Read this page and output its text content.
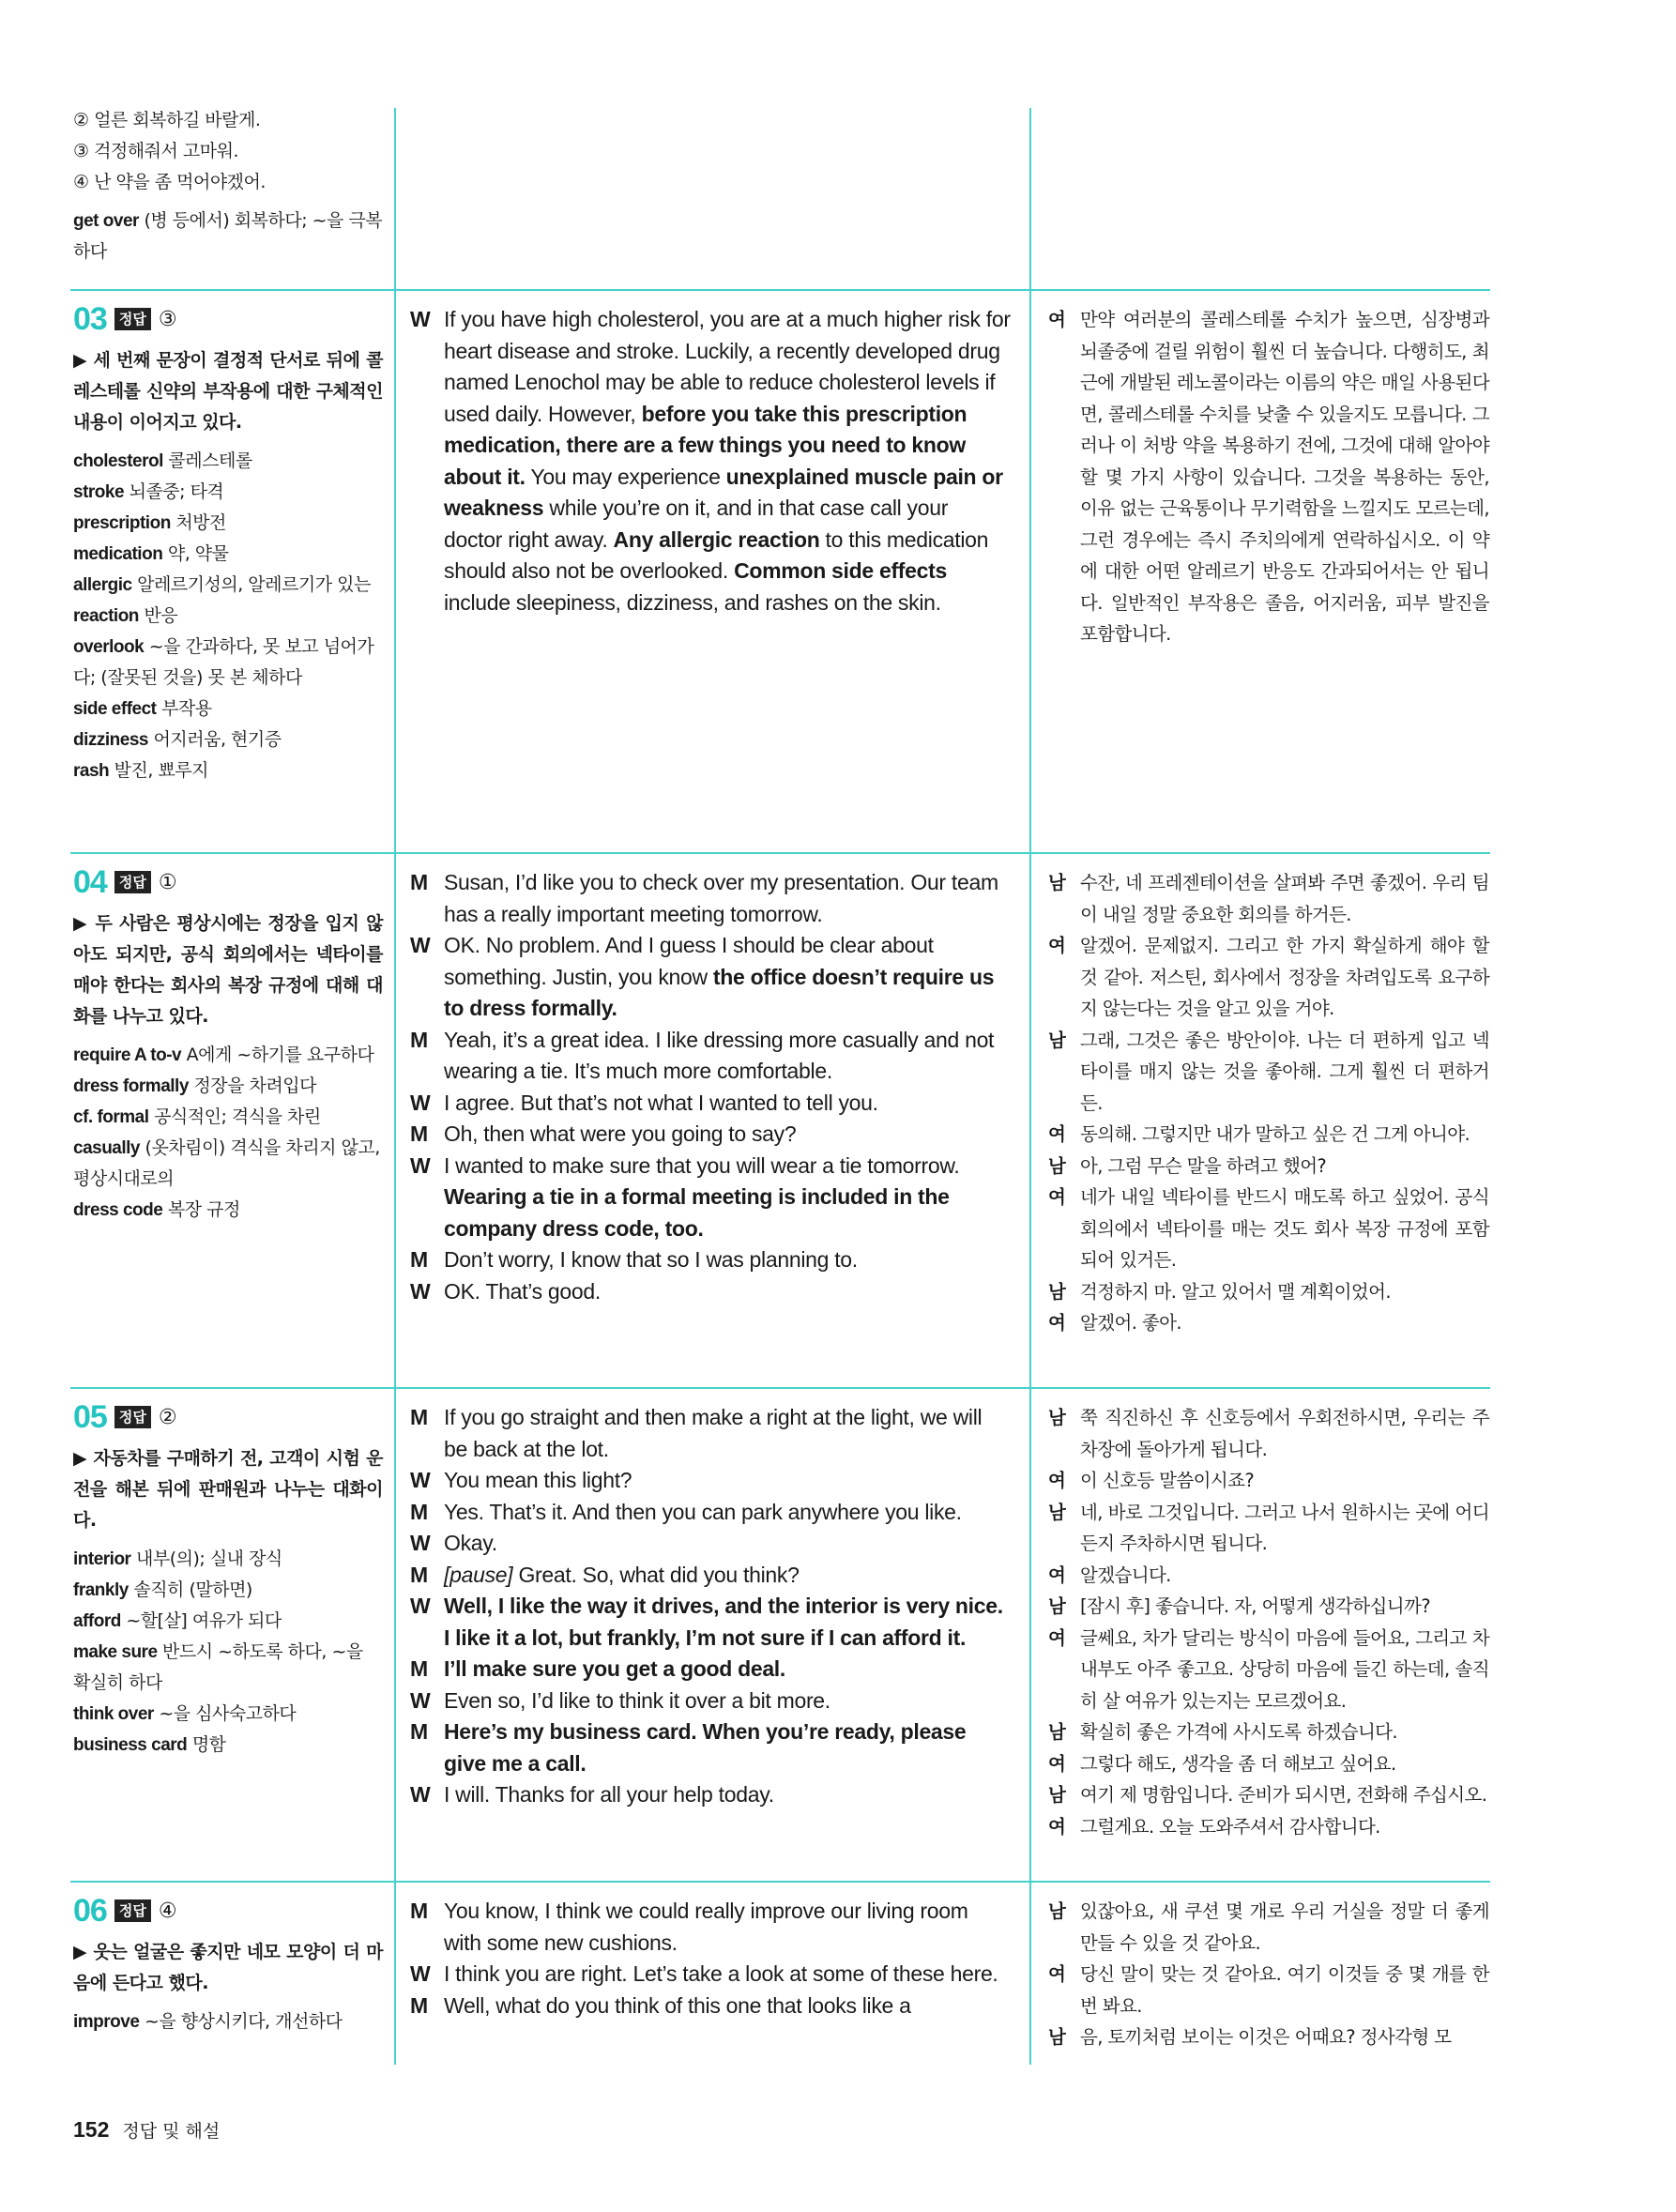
② 얼른 회복하길 바랄게.
③ 걱정해줘서 고마워.
④ 난 약을 좀 먹어야겠어.
get over (병 등에서) 회복하다; ~을 극복하다
03 정답 ③
▶ 세 번째 문장이 결정적 단서로 뒤에 콜레스테롤 신약의 부작용에 대한 구체적인 내용이 이어지고 있다.
cholesterol 콜레스테롤
stroke 뇌졸중; 타격
prescription 처방전
medication 약, 약물
allergic 알레르기성의, 알레르기가 있는
reaction 반응
overlook ~을 간과하다, 못 보고 넘어가다; (잘못된 것을) 못 본 체하다
side effect 부작용
dizziness 어지러움, 현기증
rash 발진, 뾰루지
W If you have high cholesterol, you are at a much higher risk for heart disease and stroke. Luckily, a recently developed drug named Lenochol may be able to reduce cholesterol levels if used daily. However, before you take this prescription medication, there are a few things you need to know about it. You may experience unexplained muscle pain or weakness while you’re on it, and in that case call your doctor right away. Any allergic reaction to this medication should also not be overlooked. Common side effects include sleepiness, dizziness, and rashes on the skin.
여 만약 여러분의 콜레스테롤 수치가 높으면, 심장병과 뇌졸중에 걸릴 위험이 훨씬 더 높습니다. 다행히도, 최근에 개발된 레노콜이라는 이름의 약은 매일 사용된다면, 콜레스테롤 수치를 낮출 수 있을지도 모릅니다. 그러나 이 처방 약을 복용하기 전에, 그것에 대해 알아야 할 몇 가지 사항이 있습니다. 그것을 복용하는 동안, 이유 없는 근육통이나 무기력함을 느낄지도 모르는데, 그런 경우에는 즉시 주치의에게 연락하십시오. 이 약에 대한 어떤 알레르기 반응도 간과되어서는 안 됩니다. 일반적인 부작용은 졸음, 어지러움, 피부 발진을 포함합니다.
04 정답 ①
▶ 두 사람은 평상시에는 정장을 입지 않아도 되지만, 공식 회의에서는 넥타이를 매야 한다는 회사의 복장 규정에 대해 대화를 나누고 있다.
require A to-v A에게 ~하기를 요구하다
dress formally 정장을 차려입다
cf. formal 공식적인; 격식을 차린
casually (옷차림이) 격식을 차리지 않고, 평상시대로의
dress code 복장 규정
M Susan, I’d like you to check over my presentation. Our team has a really important meeting tomorrow.
W OK. No problem. And I guess I should be clear about something. Justin, you know the office doesn’t require us to dress formally.
M Yeah, it’s a great idea. I like dressing more casually and not wearing a tie. It’s much more comfortable.
W I agree. But that’s not what I wanted to tell you.
M Oh, then what were you going to say?
W I wanted to make sure that you will wear a tie tomorrow. Wearing a tie in a formal meeting is included in the company dress code, too.
M Don’t worry, I know that so I was planning to.
W OK. That’s good.
남 수잔, 네 프레젠테이션을 살펴봐 주면 좋겠어. 우리 팀이 내일 정말 중요한 회의를 하거든.
여 알겠어. 문제없지. 그리고 한 가지 확실하게 해야 할 것 같아. 저스틴, 회사에서 정장을 차려입도록 요구하지 않는다는 것을 알고 있을 거야.
남 그래, 그것은 좋은 방안이야. 나는 더 편하게 입고 넥타이를 매지 않는 것을 좋아해. 그게 훨씬 더 편하거든.
여 동의해. 그렇지만 내가 말하고 싶은 건 그게 아니야.
남 아, 그럼 무슨 말을 하려고 했어?
여 네가 내일 넥타이를 반드시 매도록 하고 싶었어. 공식 회의에서 넥타이를 매는 것도 회사 복장 규정에 포함되어 있거든.
남 걱정하지 마. 알고 있어서 맬 계획이었어.
여 알겠어. 좋아.
05 정답 ②
▶ 자동차를 구매하기 전, 고객이 시험 운전을 해본 뒤에 판매원과 나누는 대화이다.
interior 내부(의); 실내 장식
frankly 솔직히 (말하면)
afford ~할[살] 여유가 되다
make sure 반드시 ~하도록 하다, ~을 확실히 하다
think over ~을 심사숙고하다
business card 명함
M If you go straight and then make a right at the light, we will be back at the lot.
W You mean this light?
M Yes. That’s it. And then you can park anywhere you like.
W Okay.
M [pause] Great. So, what did you think?
W Well, I like the way it drives, and the interior is very nice. I like it a lot, but frankly, I’m not sure if I can afford it.
M I’ll make sure you get a good deal.
W Even so, I’d like to think it over a bit more.
M Here’s my business card. When you’re ready, please give me a call.
W I will. Thanks for all your help today.
남 쭉 직진하신 후 신호등에서 우회전하시면, 우리는 주차장에 돌아가게 됩니다.
여 이 신호등 말씀이시죠?
남 네, 바로 그것입니다. 그러고 나서 원하시는 곳에 어디든지 주차하시면 됩니다.
여 알겠습니다.
남 [잠시 후] 좋습니다. 자, 어떻게 생각하십니까?
여 글쎄요, 차가 달리는 방식이 마음에 들어요, 그리고 차 내부도 아주 좋고요. 상당히 마음에 들긴 하는데, 솔직히 살 여유가 있는지는 모르겠어요.
남 확실히 좋은 가격에 사시도록 하겠습니다.
여 그렇다 해도, 생각을 좀 더 해보고 싶어요.
남 여기 제 명함입니다. 준비가 되시면, 전화해 주십시오.
여 그럴게요. 오늘 도와주셔서 감사합니다.
06 정답 ④
▶ 웃는 얼굴은 좋지만 네모 모양이 더 마음에 든다고 했다.
improve ~을 향상시키다, 개선하다
M You know, I think we could really improve our living room with some new cushions.
W I think you are right. Let’s take a look at some of these here.
M Well, what do you think of this one that looks like a
남 있잖아요, 새 쿠션 몇 개로 우리 거실을 정말 더 좋게 만들 수 있을 것 같아요.
여 당신 말이 맞는 것 같아요. 여기 이것들 중 몇 개를 한 번 봐요.
남 음, 토끼처럼 보이는 이것은 어때요? 정사각형 모
152 정답 및 해설
